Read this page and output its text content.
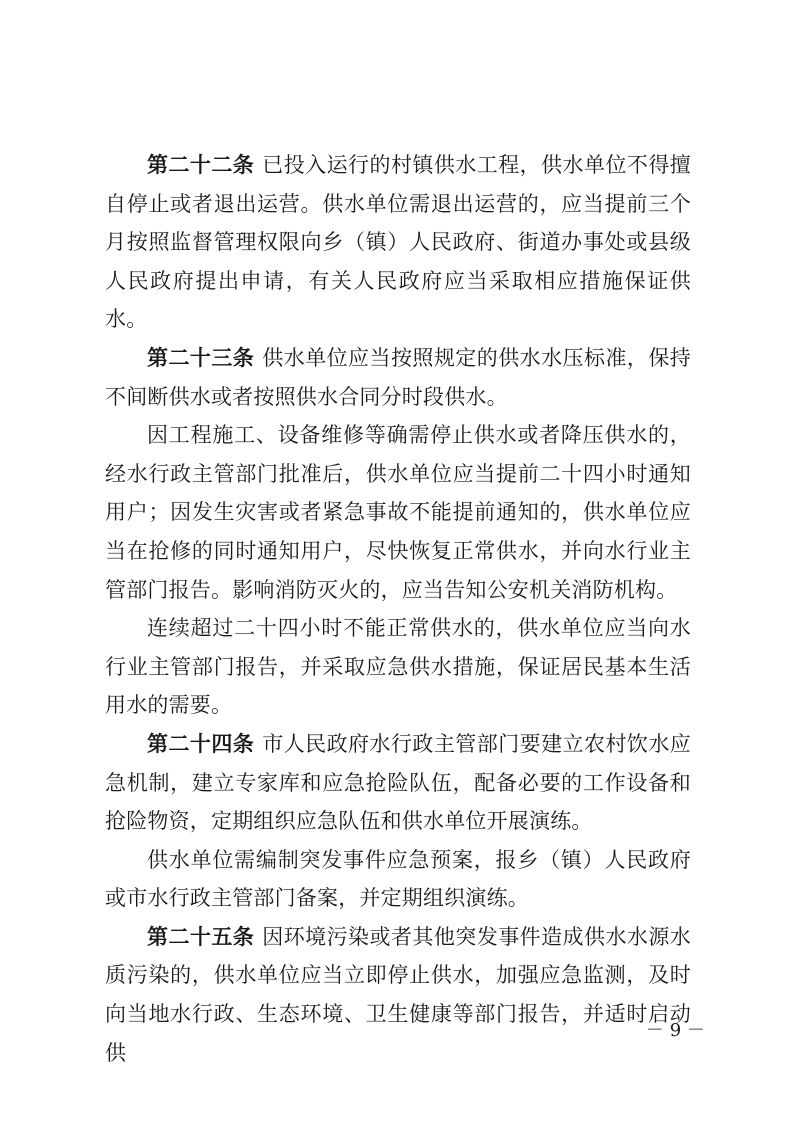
第二十二条 已投入运行的村镇供水工程，供水单位不得擅自停止或者退出运营。供水单位需退出运营的，应当提前三个月按照监督管理权限向乡（镇）人民政府、街道办事处或县级人民政府提出申请，有关人民政府应当采取相应措施保证供水。

第二十三条 供水单位应当按照规定的供水水压标准，保持不间断供水或者按照供水合同分时段供水。

因工程施工、设备维修等确需停止供水或者降压供水的，经水行政主管部门批准后，供水单位应当提前二十四小时通知用户；因发生灾害或者紧急事故不能提前通知的，供水单位应当在抢修的同时通知用户，尽快恢复正常供水，并向水行业主管部门报告。影响消防灭火的，应当告知公安机关消防机构。

连续超过二十四小时不能正常供水的，供水单位应当向水行业主管部门报告，并采取应急供水措施，保证居民基本生活用水的需要。

第二十四条 市人民政府水行政主管部门要建立农村饮水应急机制，建立专家库和应急抢险队伍，配备必要的工作设备和抢险物资，定期组织应急队伍和供水单位开展演练。

供水单位需编制突发事件应急预案，报乡（镇）人民政府或市水行政主管部门备案，并定期组织演练。

第二十五条 因环境污染或者其他突发事件造成供水水源水质污染的，供水单位应当立即停止供水，加强应急监测，及时向当地水行政、生态环境、卫生健康等部门报告，并适时启动供

－ 9 －
